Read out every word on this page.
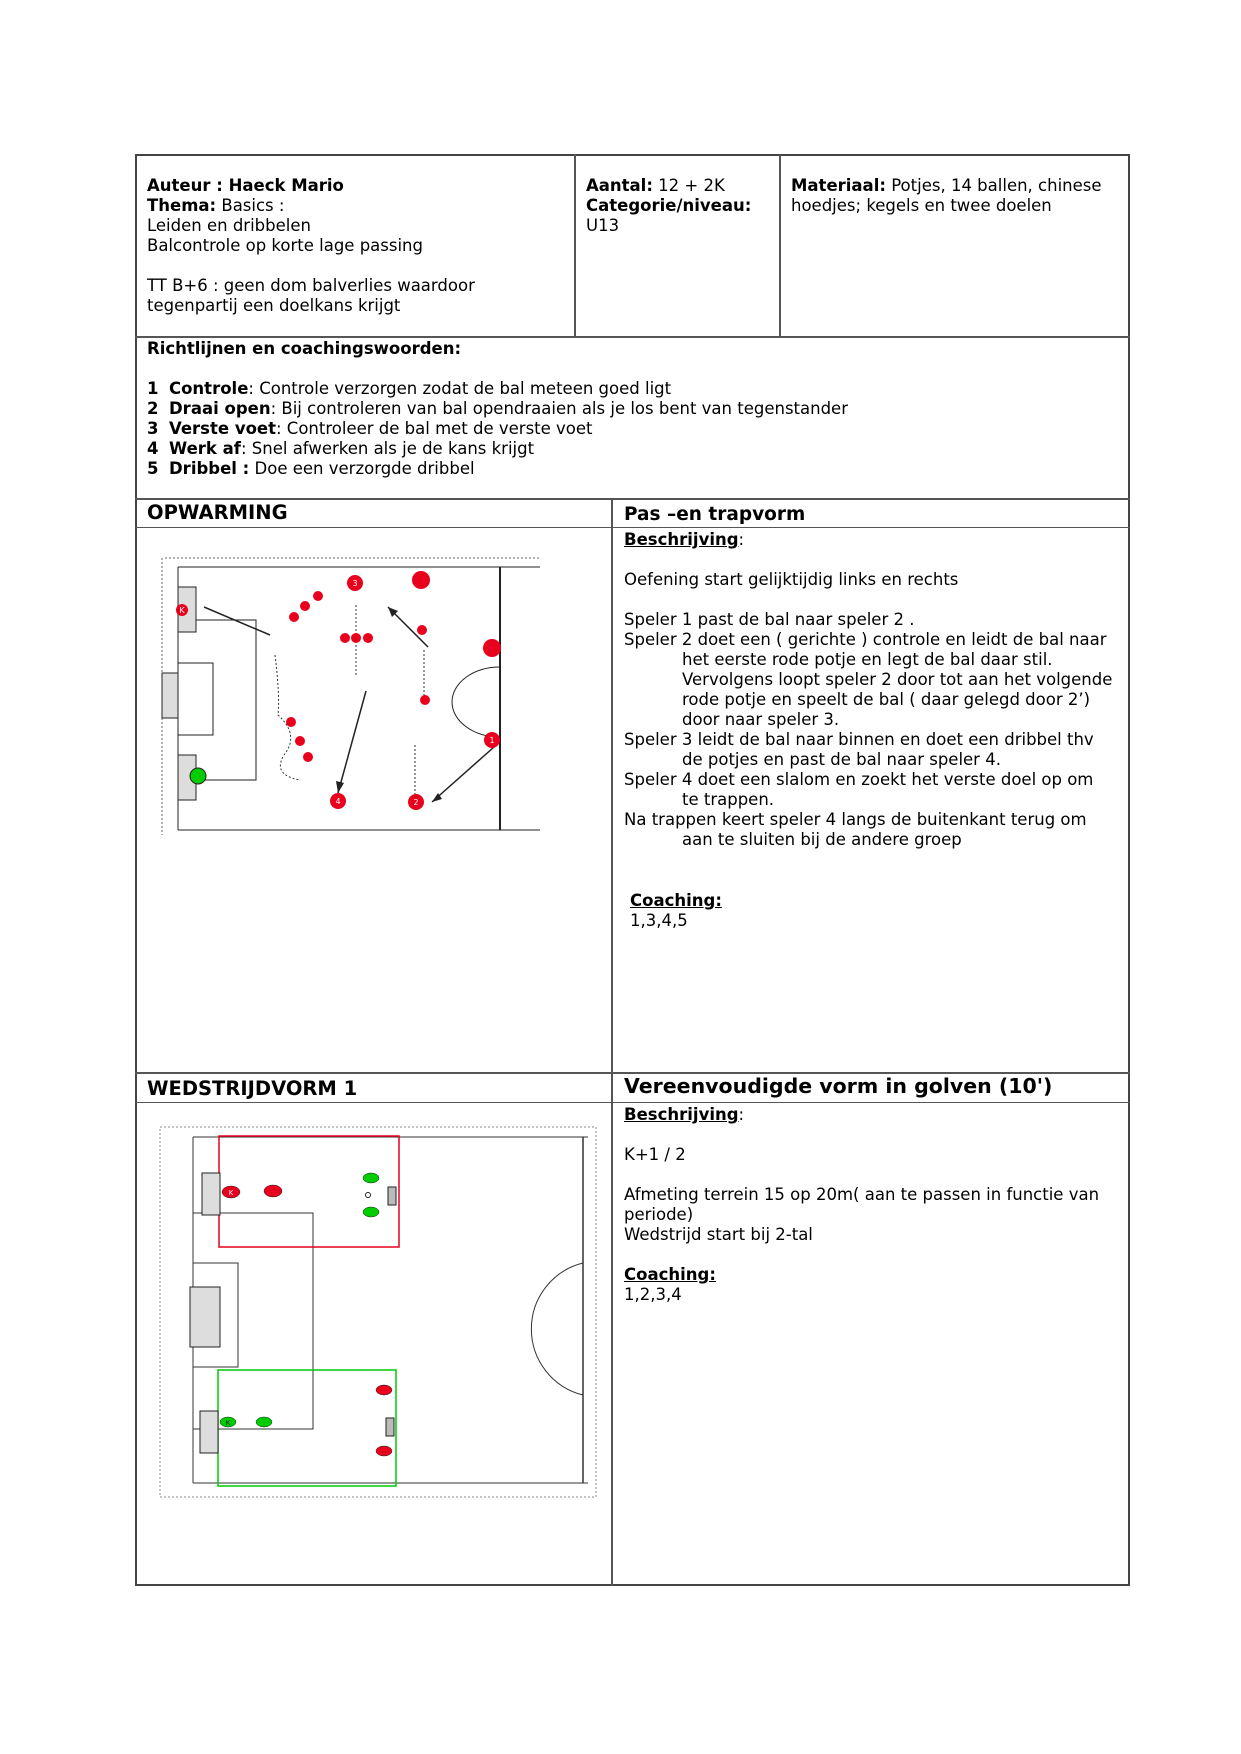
Auteur : Haeck Mario
Thema: Basics :
Leiden en dribbelen
Balcontrole op korte lage passing
TT B+6 : geen dom balverlies waardoor
tegenpartij een doelkans krijgt
Aantal: 12 + 2K
Categorie/niveau:
U13
Materiaal: Potjes, 14 ballen, chinese
hoedjes; kegels en twee doelen
Richtlijnen en coachingswoorden:
1 Controle: Controle verzorgen zodat de bal meteen goed ligt
2 Draai open: Bij controleren van bal opendraaien als je los bent van tegenstander
3 Verste voet: Controleer de bal met de verste voet
4 Werk af: Snel afwerken als je de kans krijgt
5 Dribbel : Doe een verzorgde dribbel
OPWARMING	Pas –en trapvorm
Beschrijving:
Oefening start gelijktijdig links en rechts
Speler 1 past de bal naar speler 2 .
Speler 2 doet een ( gerichte ) controle en leidt de bal naar
het eerste rode potje en legt de bal daar stil.
Vervolgens loopt speler 2 door tot aan het volgende
rode potje en speelt de bal ( daar gelegd door 2’)
door naar speler 3.
Speler 3 leidt de bal naar binnen en doet een dribbel thv
de potjes en past de bal naar speler 4.
Speler 4 doet een slalom en zoekt het verste doel op om
te trappen.
Na trappen keert speler 4 langs de buitenkant terug om
aan te sluiten bij de andere groep
Coaching:
1,3,4,5
K
3
1
4	2
WEDSTRIJDVORM 1	Vereenvoudigde vorm in golven (10')
Beschrijving:
K+1 / 2
Afmeting terrein 15 op 20m( aan te passen in functie van
periode)
Wedstrijd start bij 2-tal
Coaching:
1,2,3,4
K
K
